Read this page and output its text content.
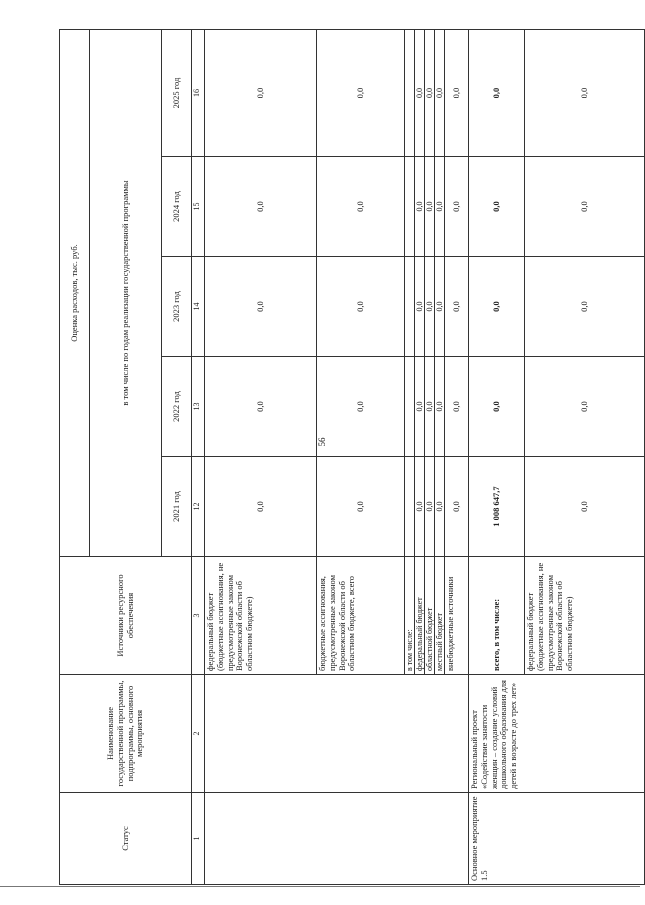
56
Статус	Наименование государственной программы, подпрограммы, основного мероприятия	Источники ресурсного обеспечения	Оценка расходов, тыс. руб.				
			в том числе по годам реализации государственной программы				
			2021 год	2022 год	2023 год	2024 год	2025 год
1	2	3	12	13	14	15	16
		федеральный бюджет (бюджетные ассигнования, не предусмотренные законом Воронежской области об областном бюджете)	0,0	0,0	0,0	0,0	0,0
		бюджетные ассигнования, предусмотренные законом Воронежской области об областном бюджете, всего	0,0	0,0	0,0	0,0	0,0
		в том числе:					
		федеральный бюджет	0,0	0,0	0,0	0,0	0,0
		областной бюджет	0,0	0,0	0,0	0,0	0,0
		местный бюджет	0,0	0,0	0,0	0,0	0,0
		внебюджетные источники	0,0	0,0	0,0	0,0	0,0
Основное мероприятие 1.5	Региональный проект «Содействие занятости женщин – создание условий дошкольного образования для детей в возрасте до трех лет»	всего, в том числе:	1 008 647,7	0,0	0,0	0,0	0,0
		федеральный бюджет (бюджетные ассигнования, не предусмотренные законом Воронежской области об областном бюджете)	0,0	0,0	0,0	0,0	0,0
